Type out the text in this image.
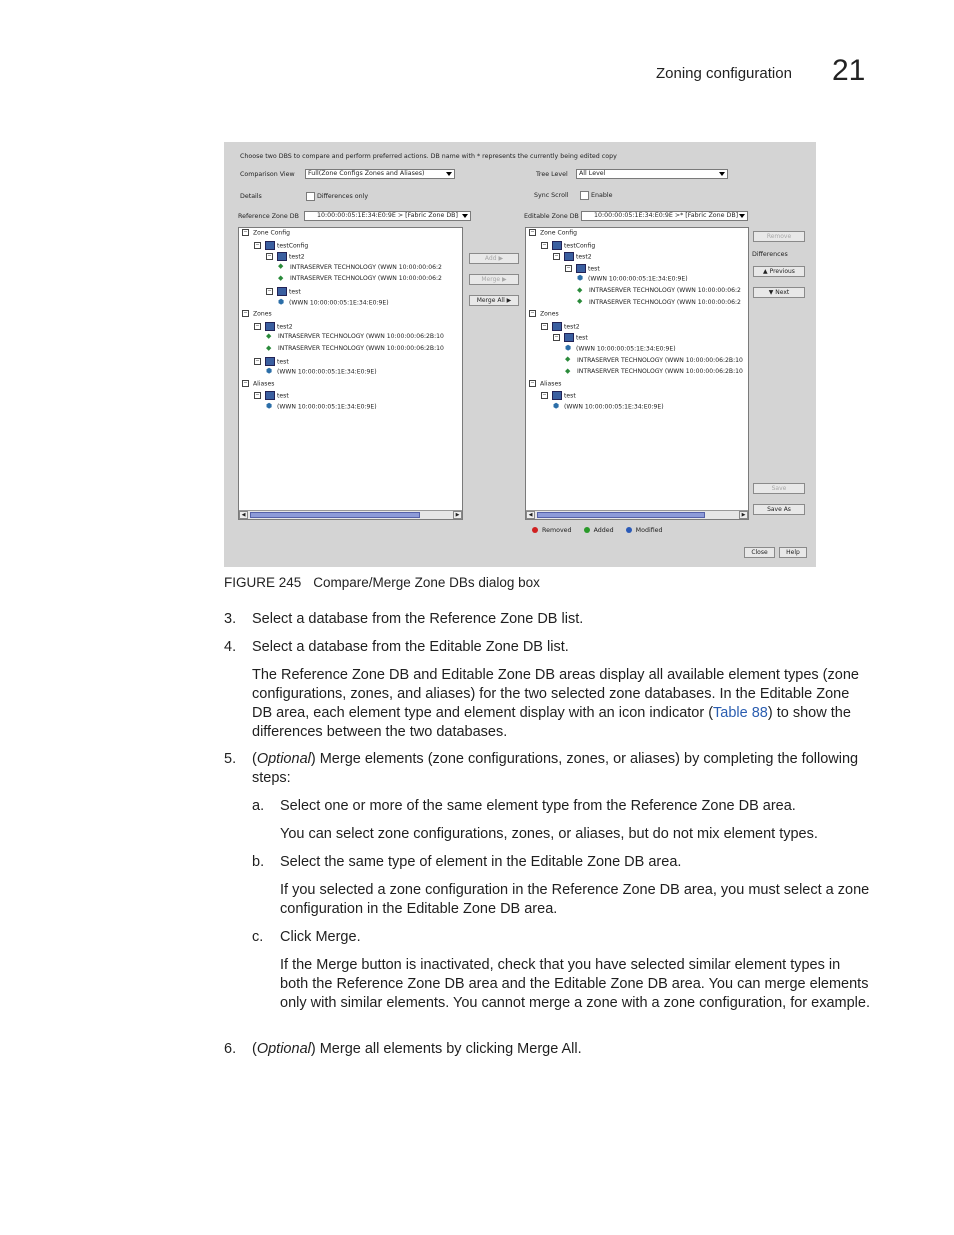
Zoning configuration 21
Choose two DBS to compare and perform preferred actions. DB name with * represents the currently being edited copy
Comparison View	Full(Zone Configs Zones and Aliases)	Tree Level	All Level
Details	Differences only	Sync Scroll	Enable
Reference Zone DB	10:00:00:05:1E:34:E0:9E > [Fabric Zone DB]	Editable Zone DB	10:00:00:05:1E:34:E0:9E >* [Fabric Zone DB]
− Zone Config
−	testConfig
−	test2
◆ INTRASERVER TECHNOLOGY (WWN 10:00:00:06:2
◆ INTRASERVER TECHNOLOGY (WWN 10:00:00:06:2
−	test
⬢ (WWN 10:00:00:05:1E:34:E0:9E)
− Zones
−	test2
◆ INTRASERVER TECHNOLOGY (WWN 10:00:00:06:2B:10
◆ INTRASERVER TECHNOLOGY (WWN 10:00:00:06:2B:10
−	test
⬢ (WWN 10:00:00:05:1E:34:E0:9E)
− Aliases
−	test
⬢ (WWN 10:00:00:05:1E:34:E0:9E)
◀	▶
− Zone Config
−	testConfig
−	test2
−	test
⬢ (WWN 10:00:00:05:1E:34:E0:9E)
◆ INTRASERVER TECHNOLOGY (WWN 10:00:00:06:2
◆ INTRASERVER TECHNOLOGY (WWN 10:00:00:06:2
− Zones
−	test2
−	test
⬢ (WWN 10:00:00:05:1E:34:E0:9E)
◆ INTRASERVER TECHNOLOGY (WWN 10:00:00:06:2B:10
◆ INTRASERVER TECHNOLOGY (WWN 10:00:00:06:2B:10
− Aliases
−	test
⬢ (WWN 10:00:00:05:1E:34:E0:9E)
◀	▶
Add ▶
Merge ▶
Merge All ▶
Remove
Differences
▲ Previous
▼ Next
Save
Save As
Removed	Added	Modified
Close	Help
FIGURE 245 Compare/Merge Zone DBs dialog box
3. Select a database from the Reference Zone DB list.
4. Select a database from the Editable Zone DB list.
The Reference Zone DB and Editable Zone DB areas display all available element types (zone configurations, zones, and aliases) for the two selected zone databases. In the Editable Zone DB area, each element type and element display with an icon indicator (Table 88) to show the differences between the two databases.
5. (Optional) Merge elements (zone configurations, zones, or aliases) by completing the following steps:
a. Select one or more of the same element type from the Reference Zone DB area.
You can select zone configurations, zones, or aliases, but do not mix element types.
b. Select the same type of element in the Editable Zone DB area.
If you selected a zone configuration in the Reference Zone DB area, you must select a zone configuration in the Editable Zone DB area.
c. Click Merge.
If the Merge button is inactivated, check that you have selected similar element types in both the Reference Zone DB area and the Editable Zone DB area. You can merge elements only with similar elements. You cannot merge a zone with a zone configuration, for example.
6. (Optional) Merge all elements by clicking Merge All.
